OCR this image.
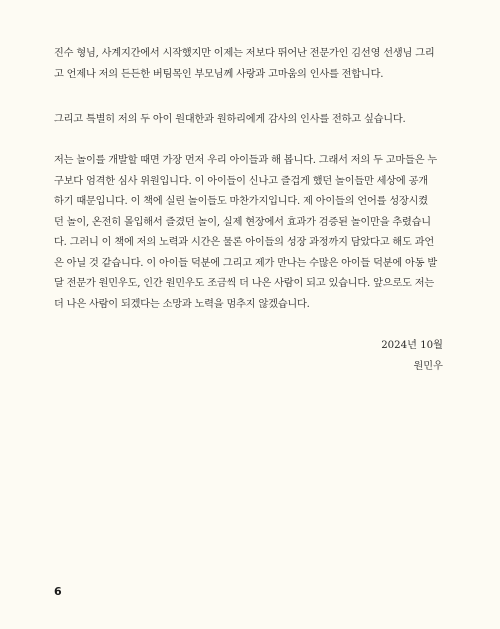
진수 형님, 사계지간에서 시작했지만 이제는 저보다 뛰어난 전문가인 김선영 선생님 그리
고 언제나 저의 든든한 버팀목인 부모님께 사랑과 고마움의 인사를 전합니다.

그리고 특별히 저의 두 아이 원대한과 원하리에게 감사의 인사를 전하고 싶습니다.

저는 놀이를 개발할 때면 가장 먼저 우리 아이들과 해 봅니다. 그래서 저의 두 고마들은 누
구보다 엄격한 심사 위원입니다. 이 아이들이 신나고 즐겁게 했던 놀이들만 세상에 공개
하기 때문입니다. 이 책에 실린 놀이들도 마찬가지입니다. 제 아이들의 언어를 성장시켰
던 놀이, 온전히 몰입해서 즐겼던 놀이, 실제 현장에서 효과가 검증된 놀이만을 추렸습니
다. 그러니 이 책에 저의 노력과 시간은 물론 아이들의 성장 과정까지 담았다고 해도 과언
은 아닐 것 같습니다. 이 아이들 덕분에 그리고 제가 만나는 수많은 아이들 덕분에 아동 발
달 전문가 원민우도, 인간 원민우도 조금씩 더 나은 사람이 되고 있습니다. 앞으로도 저는
더 나은 사람이 되겠다는 소망과 노력을 멈추지 않겠습니다.

2024년 10월
원민우
6
